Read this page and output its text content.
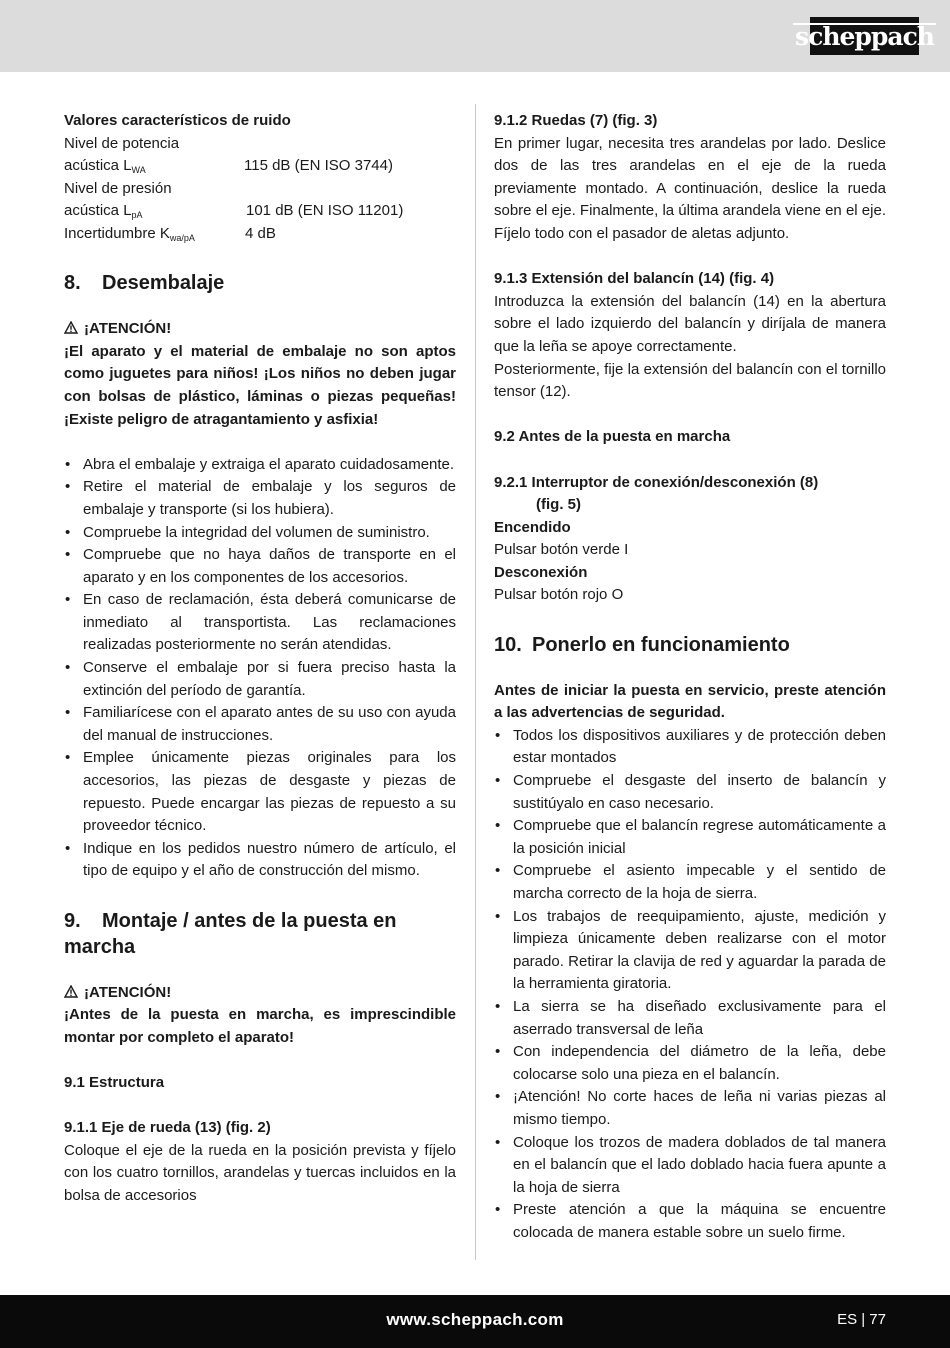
scheppach
Valores característicos de ruido
Nivel de potencia
acústica $L_{WA}$	115 dB (EN ISO 3744)
Nivel de presión
acústica $L_{pA}$	101 dB (EN ISO 11201)
Incertidumbre $K_{wa/pA}$	4 dB
8. Desembalaje
¡ATENCIÓN!
¡El aparato y el material de embalaje no son aptos como juguetes para niños! ¡Los niños no deben jugar con bolsas de plástico, láminas o piezas pequeñas! ¡Existe peligro de atragantamiento y asfixia!
• Abra el embalaje y extraiga el aparato cuidadosamente.
• Retire el material de embalaje y los seguros de embalaje y transporte (si los hubiera).
• Compruebe la integridad del volumen de suministro.
• Compruebe que no haya daños de transporte en el aparato y en los componentes de los accesorios.
• En caso de reclamación, ésta deberá comunicarse de inmediato al transportista. Las reclamaciones realizadas posteriormente no serán atendidas.
• Conserve el embalaje por si fuera preciso hasta la extinción del período de garantía.
• Familiarícese con el aparato antes de su uso con ayuda del manual de instrucciones.
• Emplee únicamente piezas originales para los accesorios, las piezas de desgaste y piezas de repuesto. Puede encargar las piezas de repuesto a su proveedor técnico.
• Indique en los pedidos nuestro número de artículo, el tipo de equipo y el año de construcción del mismo.
9. Montaje / antes de la puesta en marcha
¡ATENCIÓN!
¡Antes de la puesta en marcha, es imprescindible montar por completo el aparato!
9.1 Estructura
9.1.1 Eje de rueda (13) (fig. 2)
Coloque el eje de la rueda en la posición prevista y fíjelo con los cuatro tornillos, arandelas y tuercas incluidos en la bolsa de accesorios
9.1.2 Ruedas (7) (fig. 3)
En primer lugar, necesita tres arandelas por lado. Deslice dos de las tres arandelas en el eje de la rueda previamente montado. A continuación, deslice la rueda sobre el eje. Finalmente, la última arandela viene en el eje. Fíjelo todo con el pasador de aletas adjunto.
9.1.3 Extensión del balancín (14) (fig. 4)
Introduzca la extensión del balancín (14) en la abertura sobre el lado izquierdo del balancín y diríjala de manera que la leña se apoye correctamente.
Posteriormente, fije la extensión del balancín con el tornillo tensor (12).
9.2 Antes de la puesta en marcha
9.2.1 Interruptor de conexión/desconexión (8)
(fig. 5)
Encendido
Pulsar botón verde I
Desconexión
Pulsar botón rojo O
10. Ponerlo en funcionamiento
Antes de iniciar la puesta en servicio, preste atención a las advertencias de seguridad.
• Todos los dispositivos auxiliares y de protección deben estar montados
• Compruebe el desgaste del inserto de balancín y sustitúyalo en caso necesario.
• Compruebe que el balancín regrese automáticamente a la posición inicial
• Compruebe el asiento impecable y el sentido de marcha correcto de la hoja de sierra.
• Los trabajos de reequipamiento, ajuste, medición y limpieza únicamente deben realizarse con el motor parado. Retirar la clavija de red y aguardar la parada de la herramienta giratoria.
• La sierra se ha diseñado exclusivamente para el aserrado transversal de leña
• Con independencia del diámetro de la leña, debe colocarse solo una pieza en el balancín.
• ¡Atención! No corte haces de leña ni varias piezas al mismo tiempo.
• Coloque los trozos de madera doblados de tal manera en el balancín que el lado doblado hacia fuera apunte a la hoja de sierra
• Preste atención a que la máquina se encuentre colocada de manera estable sobre un suelo firme.
www.scheppach.com	ES | 77
